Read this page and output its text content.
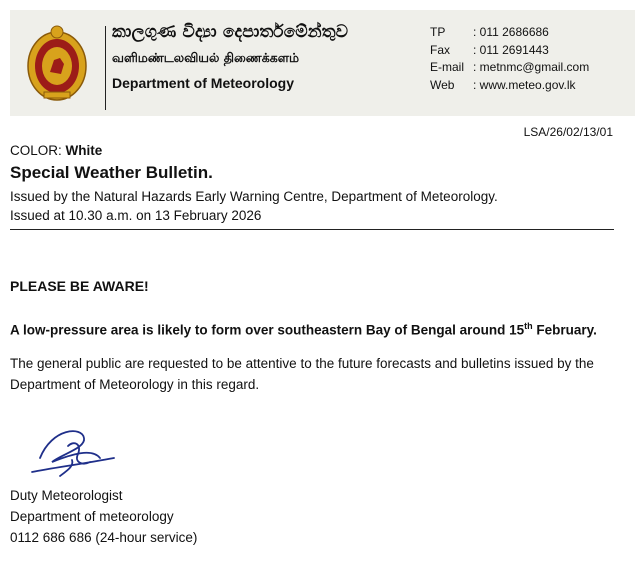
කාලගුණ විද්‍යා දෙපාර්තමේන්තුව
வளிமண்டலவியல் திணைக்களம்
Department of Meteorology
TP	: 011 2686686
Fax	: 011 2691443
E-mail : metnmc@gmail.com
Web	: www.meteo.gov.lk
LSA/26/02/13/01
COLOR: White
Special Weather Bulletin.
Issued by the Natural Hazards Early Warning Centre, Department of Meteorology.
Issued at 10.30 a.m. on 13 February 2026
PLEASE BE AWARE!
A low-pressure area is likely to form over southeastern Bay of Bengal around 15th February.
The general public are requested to be attentive to the future forecasts and bulletins issued by the Department of Meteorology in this regard.
Duty Meteorologist
Department of meteorology
0112 686 686 (24-hour service)
